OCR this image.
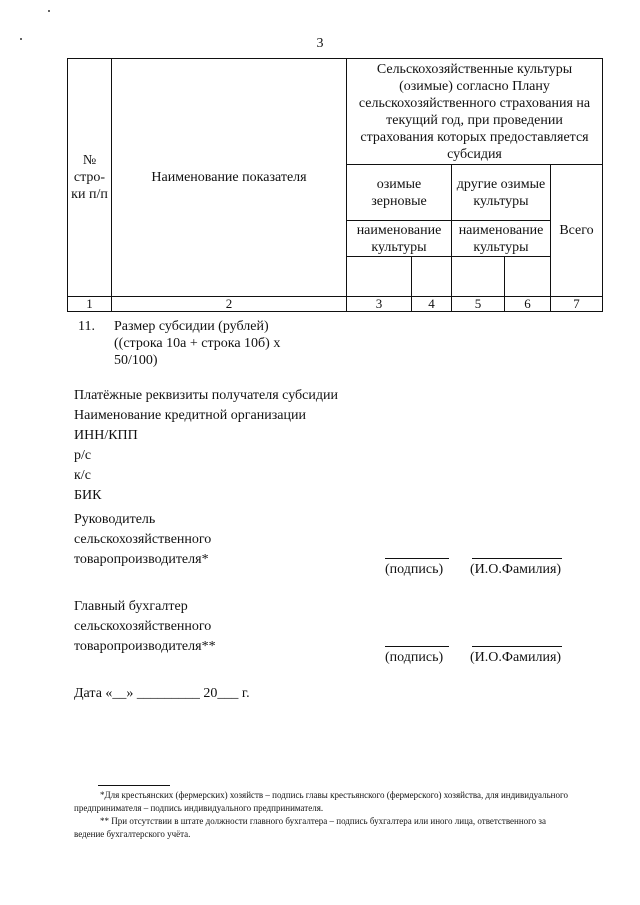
3
№ стро-ки п/п	Наименование показателя	Сельскохозяйственные культуры (озимые) согласно Плану сельскохозяйственного страхования на текущий год, при проведении страхования которых предоставляется субсидия				
		озимые зерновые		другие озимые культуры		Всего
		наименование культуры		наименование культуры		

1	2	3	4	5	6	7
11. Размер субсидии (рублей)
((строка 10а + строка 10б) x
50/100)
Платёжные реквизиты получателя субсидии
Наименование кредитной организации
ИНН/КПП
р/с
к/с
БИК
Руководитель
сельскохозяйственного
товаропроизводителя*
(подпись) (И.О.Фамилия)
Главный бухгалтер
сельскохозяйственного
товаропроизводителя**
(подпись) (И.О.Фамилия)
Дата «__» _________ 20___ г.

*Для крестьянских (фермерских) хозяйств – подпись главы крестьянского (фермерского) хозяйства, для индивидуального предпринимателя – подпись индивидуального предпринимателя.

** При отсутствии в штате должности главного бухгалтера – подпись бухгалтера или иного лица, ответственного за ведение бухгалтерского учёта.
